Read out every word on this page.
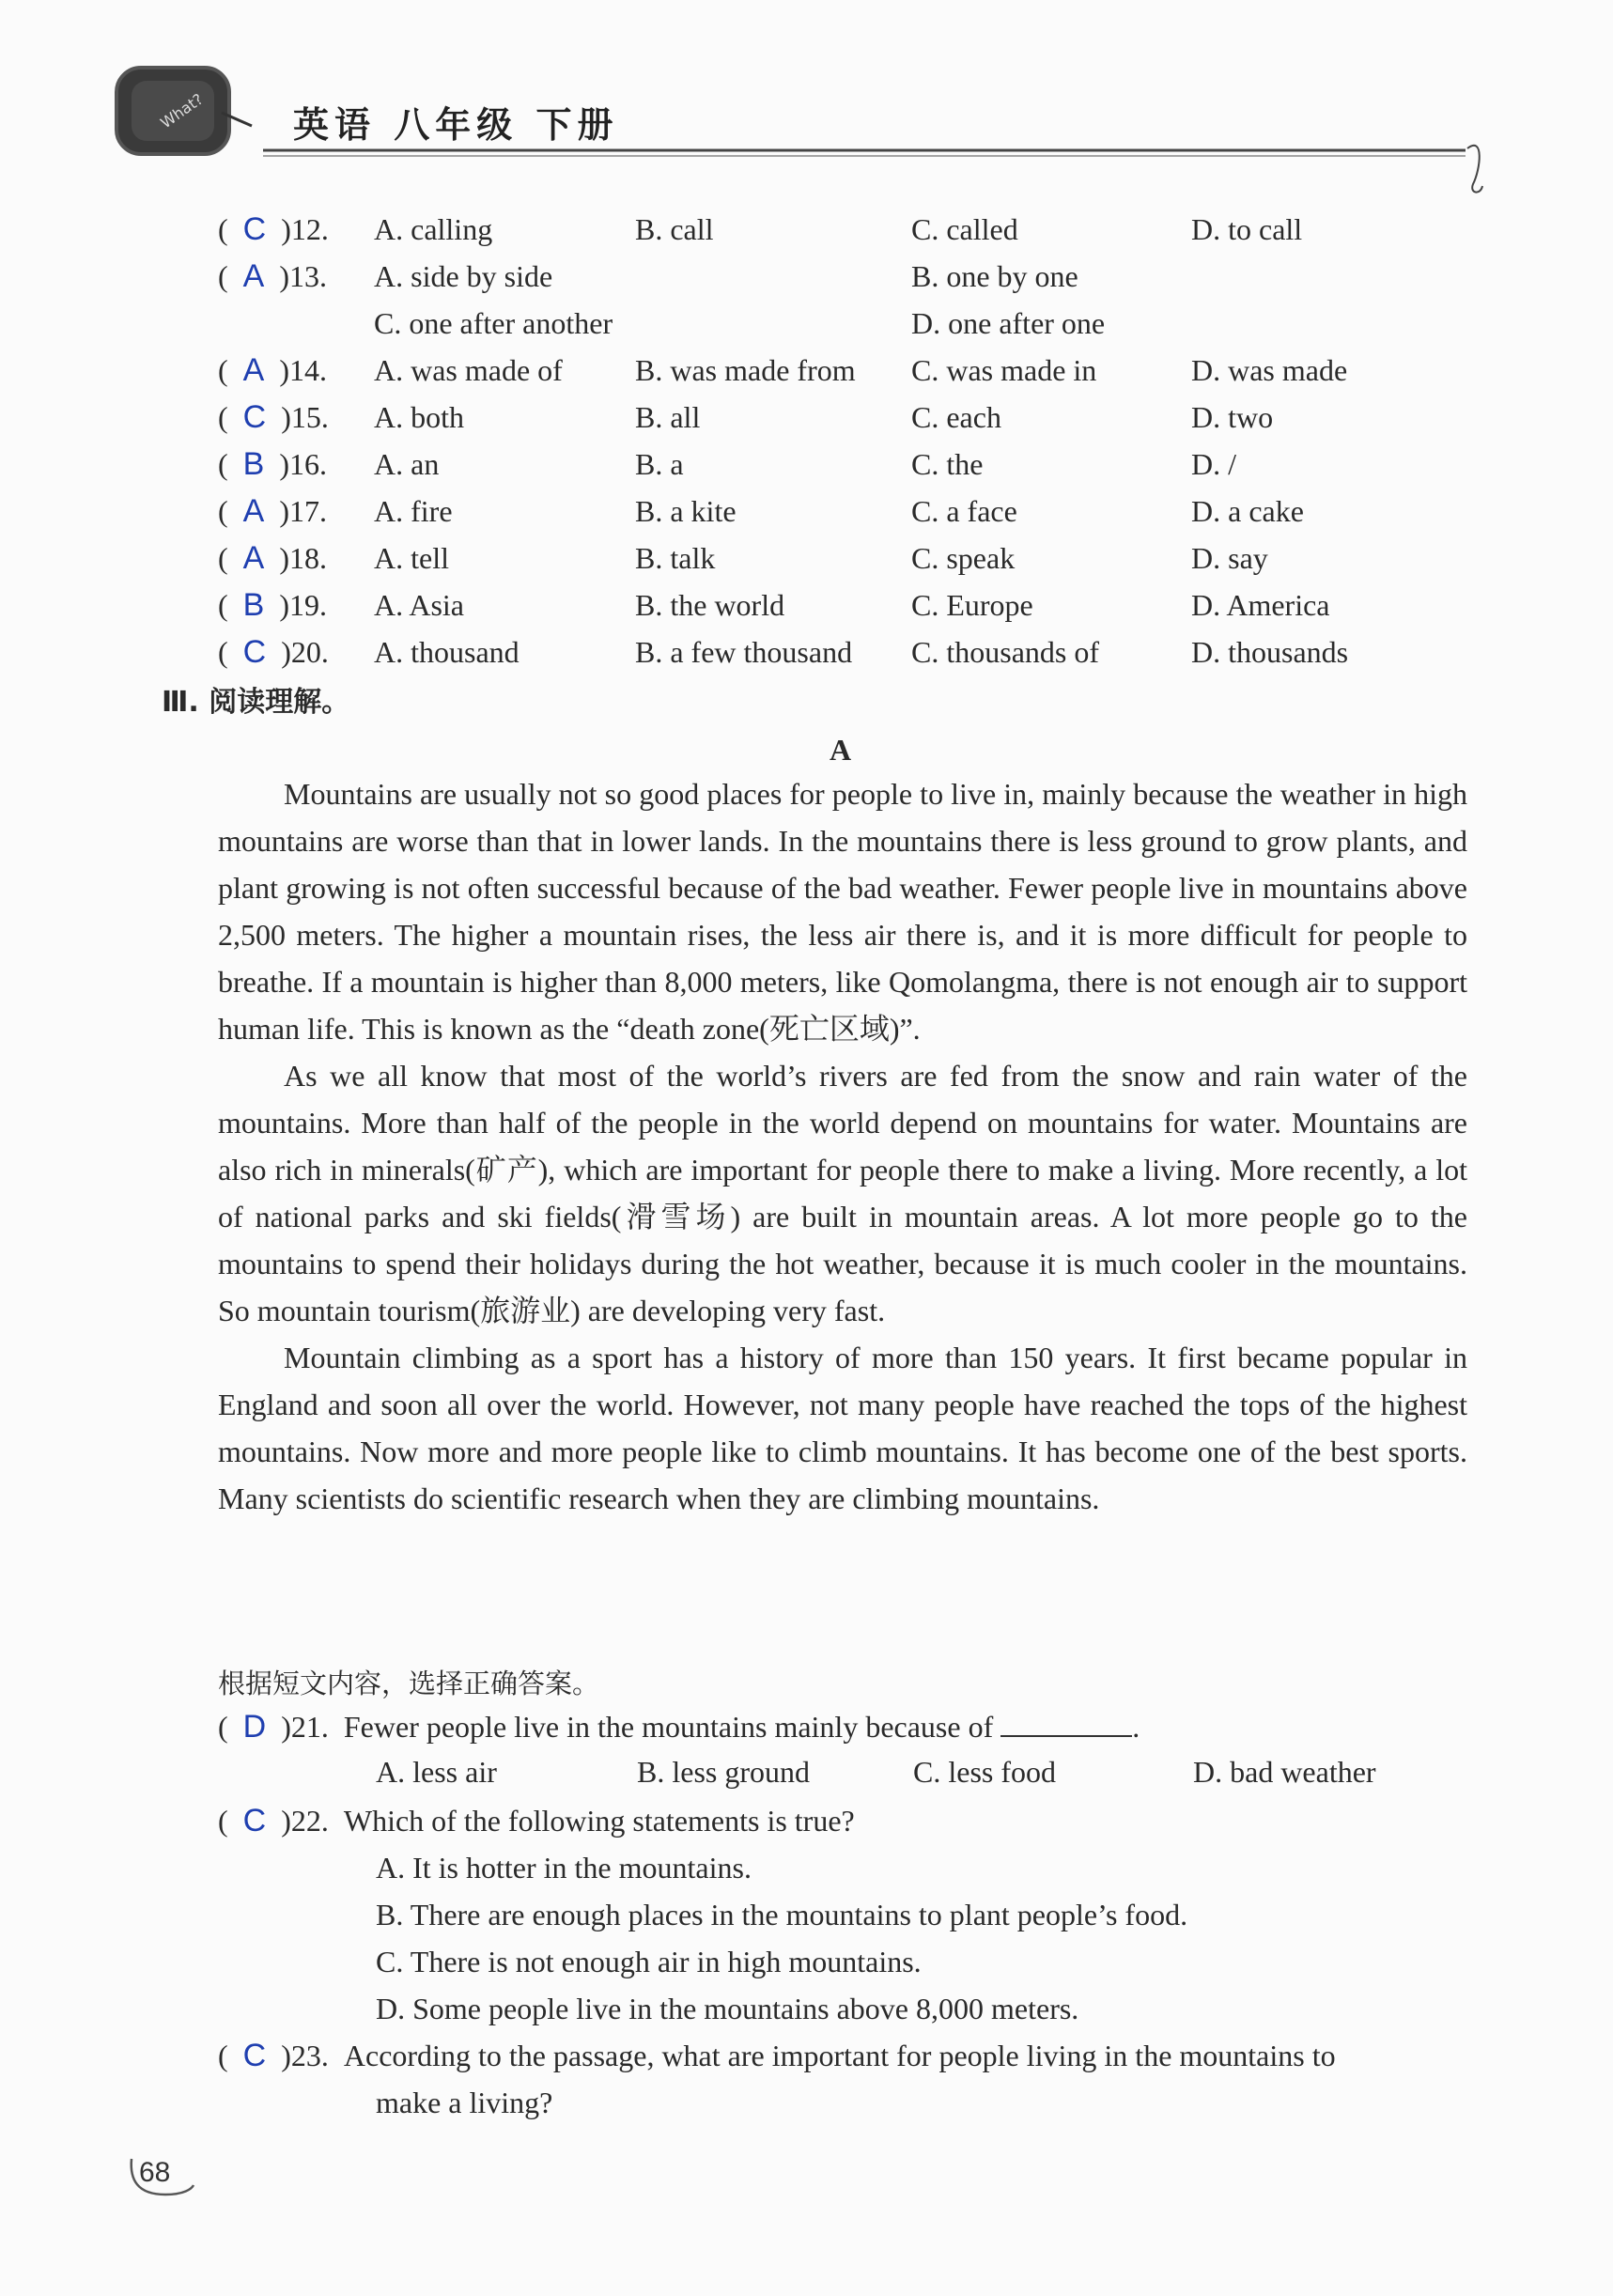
What? 英语 八年级 下册
(  C  )12. A. calling	B. call	C. called	D. to call
(  A  )13. A. side by side	B. one by one
C. one after another	D. one after one
(  A  )14. A. was made of B. was made from C. was made in	D. was made
(  C  )15. A. both	B. all	C. each	D. two
(  B  )16. A. an	B. a	C. the	D. /
(  A  )17. A. fire	B. a kite	C. a face	D. a cake
(  A  )18. A. tell	B. talk	C. speak	D. say
(  B  )19. A. Asia	B. the world	C. Europe	D. America
(  C  )20. A. thousand	B. a few thousand C. thousands of	D. thousands
Ⅲ. 阅读理解。
A

Mountains are usually not so good places for people to live in, mainly because the weather in high mountains are worse than that in lower lands. In the mountains there is less ground to grow plants, and plant growing is not often successful because of the bad weather. Fewer people live in mountains above 2,500 meters. The higher a mountain rises, the less air there is, and it is more difficult for people to breathe. If a mountain is higher than 8,000 meters, like Qomolangma, there is not enough air to support human life. This is known as the “death zone(死亡区域)”.

As we all know that most of the world’s rivers are fed from the snow and rain water of the mountains. More than half of the people in the world depend on mountains for water. Mountains are also rich in minerals(矿产), which are important for people there to make a living. More recently, a lot of national parks and ski fields(滑雪场) are built in mountain areas. A lot more people go to the mountains to spend their holidays during the hot weather, because it is much cooler in the mountains. So mountain tourism(旅游业) are developing very fast.

Mountain climbing as a sport has a history of more than 150 years. It first became popular in England and soon all over the world. However, not many people have reached the tops of the highest mountains. Now more and more people like to climb mountains. It has become one of the best sports. Many scientists do scientific research when they are climbing mountains.

根据短文内容，选择正确答案。
(  D  )21. Fewer people live in the mountains mainly because of	.
A. less air	B. less ground	C. less food	D. bad weather
(  C  )22. Which of the following statements is true?
A. It is hotter in the mountains.
B. There are enough places in the mountains to plant people’s food.
C. There is not enough air in high mountains.
D. Some people live in the mountains above 8,000 meters.
(  C  )23. According to the passage, what are important for people living in the mountains to
make a living?
68
